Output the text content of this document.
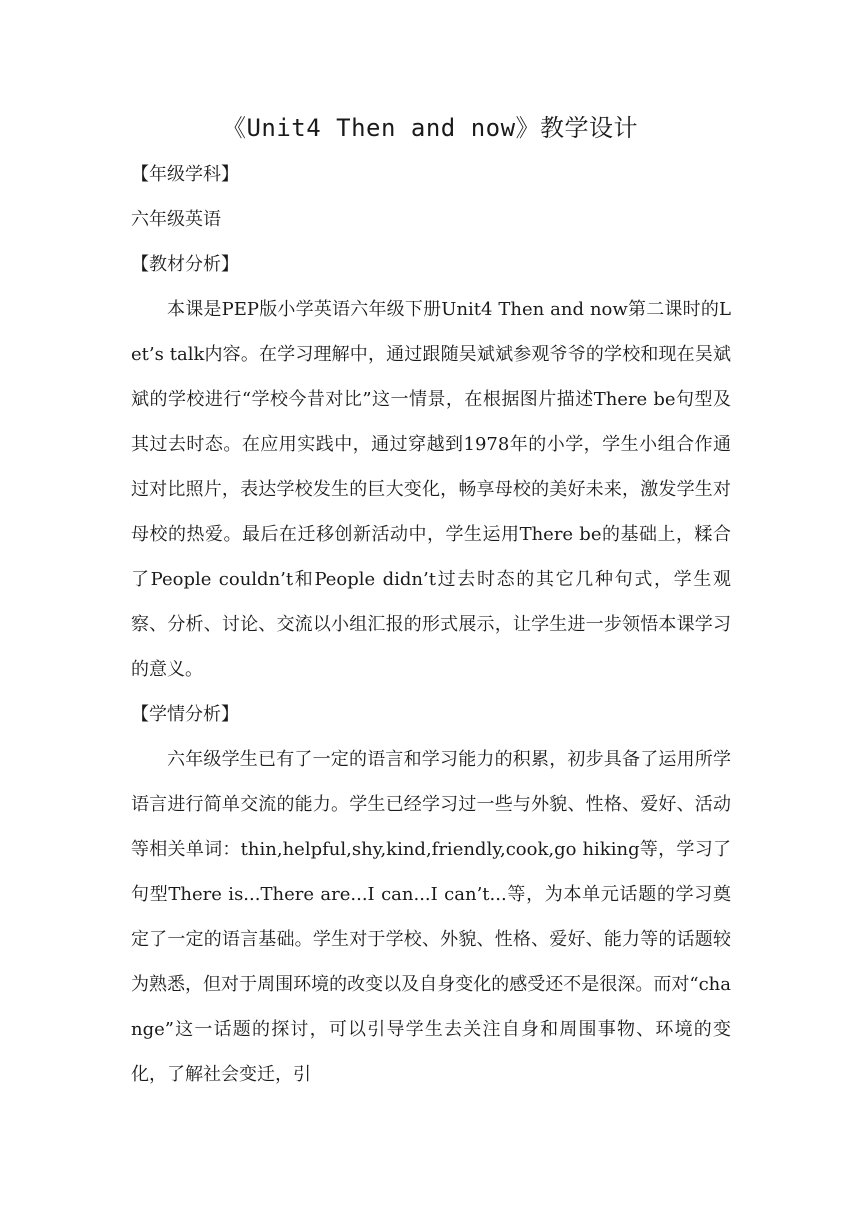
《Unit4 Then and now》教学设计

【年级学科】

六年级英语

【教材分析】

本课是PEP版小学英语六年级下册Unit4 Then and now第二课时的Let’s talk内容。在学习理解中，通过跟随吴斌斌参观爷爷的学校和现在吴斌斌的学校进行“学校今昔对比”这一情景，在根据图片描述There be句型及其过去时态。在应用实践中，通过穿越到1978年的小学，学生小组合作通过对比照片，表达学校发生的巨大变化，畅享母校的美好未来，激发学生对母校的热爱。最后在迁移创新活动中，学生运用There be的基础上，糅合了People couldn’t和People didn’t过去时态的其它几种句式，学生观察、分析、讨论、交流以小组汇报的形式展示，让学生进一步领悟本课学习的意义。

【学情分析】

六年级学生已有了一定的语言和学习能力的积累，初步具备了运用所学语言进行简单交流的能力。学生已经学习过一些与外貌、性格、爱好、活动等相关单词：thin,helpful,shy,kind,friendly,cook,go hiking等，学习了句型There is...There are...I can...I can’t...等，为本单元话题的学习奠定了一定的语言基础。学生对于学校、外貌、性格、爱好、能力等的话题较为熟悉，但对于周围环境的改变以及自身变化的感受还不是很深。而对“change”这一话题的探讨，可以引导学生去关注自身和周围事物、环境的变化，了解社会变迁，引
